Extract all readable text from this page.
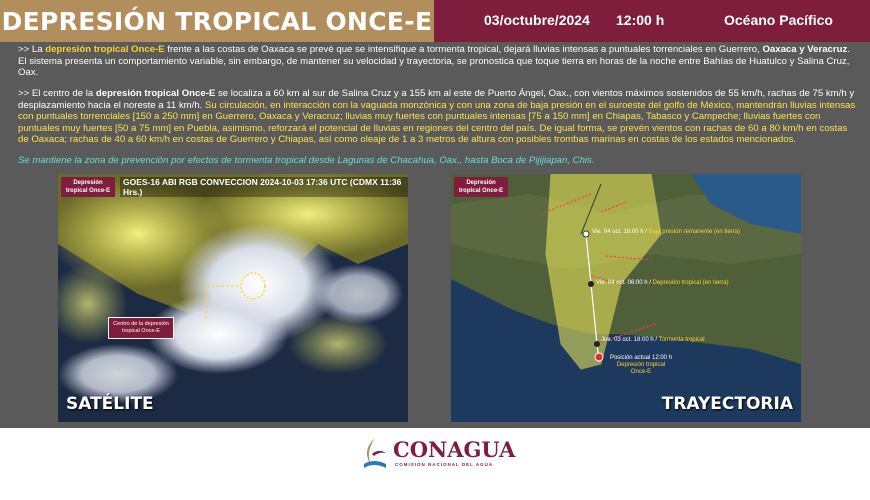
DEPRESIÓN TROPICAL ONCE-E	03/octubre/2024 12:00 h	Océano Pacífico

>> La depresión tropical Once-E frente a las costas de Oaxaca se prevé que se intensifique a tormenta tropical, dejará lluvias intensas a puntuales torrenciales en Guerrero, Oaxaca y Veracruz. El sistema presenta un comportamiento variable, sin embargo, de mantener su velocidad y trayectoria, se pronostica que toque tierra en horas de la noche entre Bahías de Huatulco y Salina Cruz, Oax.

>> El centro de la depresión tropical Once-E se localiza a 60 km al sur de Salina Cruz y a 155 km al este de Puerto Ángel, Oax., con vientos máximos sostenidos de 55 km/h, rachas de 75 km/h y desplazamiento hacia el noreste a 11 km/h. Su circulación, en interacción con la vaguada monzónica y con una zona de baja presión en el suroeste del golfo de México, mantendrán lluvias intensas con puntuales torrenciales [150 a 250 mm] en Guerrero, Oaxaca y Veracruz; lluvias muy fuertes con puntuales intensas [75 a 150 mm] en Chiapas, Tabasco y Campeche; lluvias fuertes con puntuales muy fuertes [50 a 75 mm] en Puebla, asimismo, reforzará el potencial de lluvias en regiones del centro del país. De igual forma, se prevén vientos con rachas de 60 a 80 km/h en costas de Oaxaca; rachas de 40 a 60 km/h en costas de Guerrero y Chiapas, así como oleaje de 1 a 3 metros de altura con posibles trombas marinas en costas de los estados mencionados.

Se mantiene la zona de prevención por efectos de tormenta tropical desde Lagunas de Chacahua, Oax., hasta Boca de Pijijiapan, Chis.

GOES-16 ABI RGB CONVECCION 2024-10-03 17:36 UTC (CDMX 11:36 Hrs.)
Depresión tropical Once-E
Centro de la depresión tropical Once-E
SATÉLITE
Depresión tropical Once-E
Vie. 04 oct. 18:00 h / Baja presión remanente (en tierra)
Vie. 04 oct. 06:00 h / Depresión tropical (en tierra)
Jue. 03 oct. 18:00 h / Tormenta tropical
Posición actual 12:00 h
Depresión tropical Once-E
TRAYECTORIA
CONAGUA
COMISIÓN NACIONAL DEL AGUA
